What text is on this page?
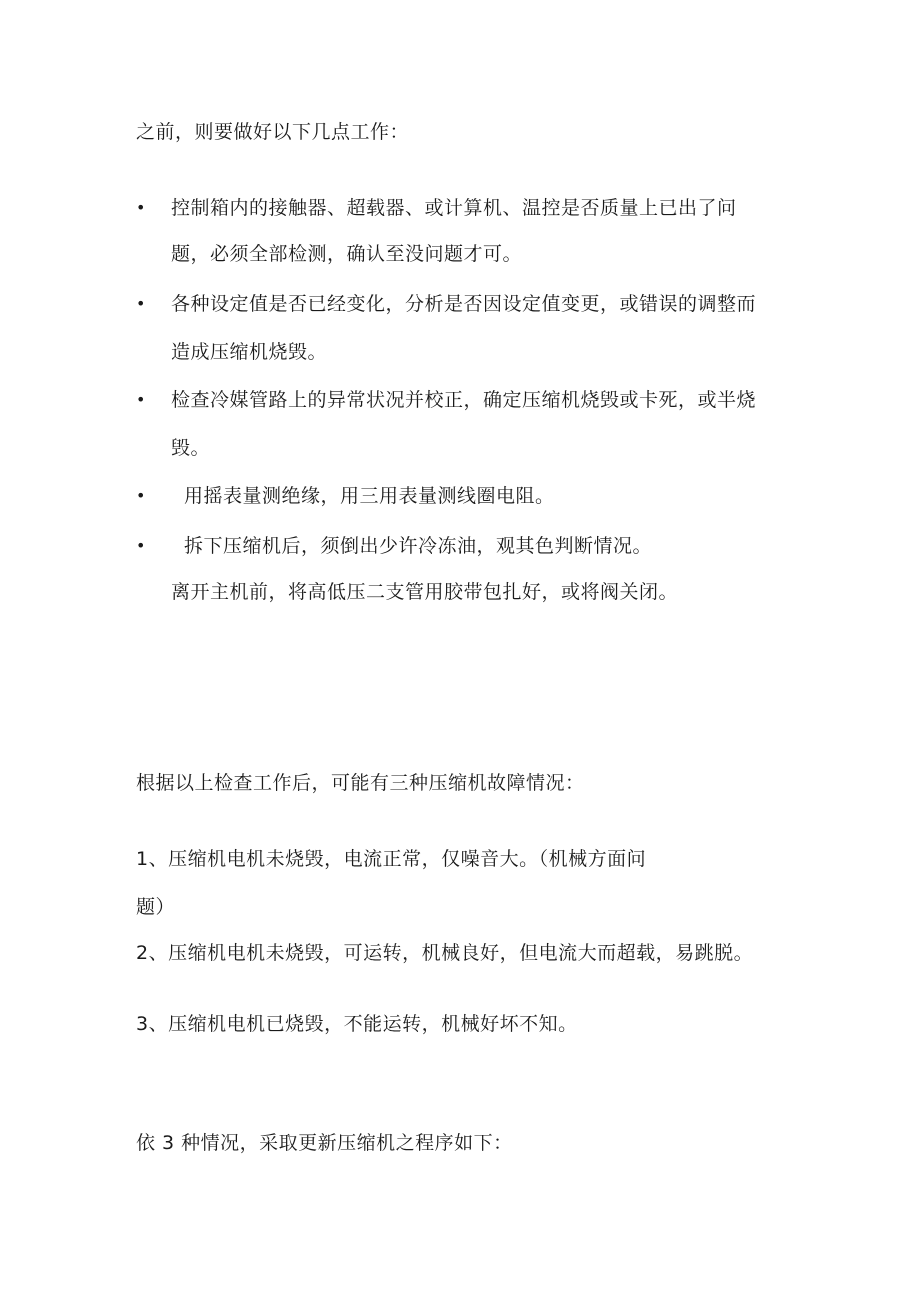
之前，则要做好以下几点工作：
• 控制箱内的接触器、超载器、或计算机、温控是否质量上已出了问
题，必须全部检测，确认至没问题才可。
• 各种设定值是否已经变化，分析是否因设定值变更，或错误的调整而
造成压缩机烧毁。
• 检查冷媒管路上的异常状况并校正，确定压缩机烧毁或卡死，或半烧
毁。
• 用摇表量测绝缘，用三用表量测线圈电阻。
• 拆下压缩机后，须倒出少许冷冻油，观其色判断情况。
离开主机前，将高低压二支管用胶带包扎好，或将阀关闭。
根据以上检查工作后，可能有三种压缩机故障情况：
1、压缩机电机未烧毁，电流正常，仅噪音大。（机械方面问
题）
2、压缩机电机未烧毁，可运转，机械良好，但电流大而超载，易跳脱。
3、压缩机电机已烧毁，不能运转，机械好坏不知。
依 3 种情况，采取更新压缩机之程序如下：
